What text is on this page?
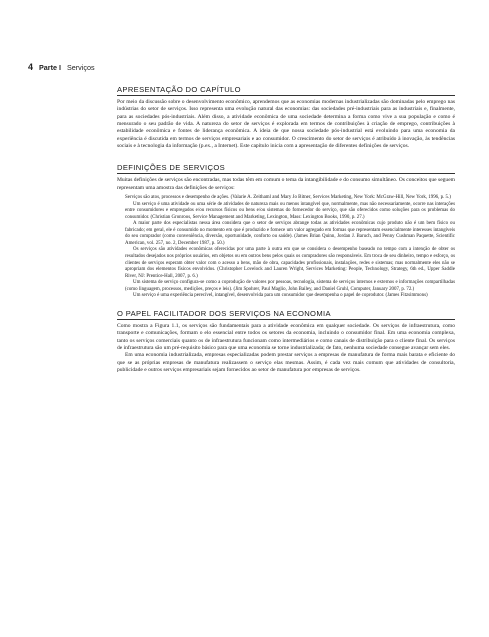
4 Parte I Serviços
APRESENTAÇÃO DO CAPÍTULO

Por meio da discussão sobre o desenvolvimento econômico, aprendemos que as economias modernas industrializadas são dominadas pelo emprego nas indústrias do setor de serviços. Isso representa uma evolução natural das economias: das sociedades pré-industriais para as industriais e, finalmente, para as sociedades pós-industriais. Além disso, a atividade econômica de uma sociedade determina a forma como vive a sua população e como é mensurado o seu padrão de vida. A natureza do setor de serviços é explorada em termos de contribuições à criação de emprego, contribuições à estabilidade econômica e fontes de liderança econômica. A ideia de que nossa sociedade pós-industrial está evoluindo para uma economia da experiência é discutida em termos de serviços empresariais e ao consumidor. O crescimento do setor de serviços é atribuído à inovação, às tendências sociais e à tecnologia da informação (p.ex., a Internet). Este capítulo inicia com a apresentação de diferentes definições de serviços.

DEFINIÇÕES DE SERVIÇOS

Muitas definições de serviços são encontradas, mas todas têm em comum o tema da intangibilidade e do consumo simultâneo. Os conceitos que seguem representam uma amostra das definições de serviços:

Serviços são atos, processos e desempenho de ações. (Valarie A. Zeithaml and Mary Jo Bitner, Services Marketing, New York: McGraw-Hill, New York, 1996, p. 5.)

Um serviço é uma atividade ou uma série de atividades de natureza mais ou menos intangível que, normalmente, mas não necessariamente, ocorre nas interações entre consumidores e empregados e/ou recursos físicos ou bens e/ou sistemas do fornecedor do serviço, que são oferecidos como soluções para os problemas do consumidor. (Christian Gronroos, Service Management and Marketing, Lexington, Mass: Lexington Books, 1990, p. 27.)

A maior parte dos especialistas nessa área considera que o setor de serviços abrange todas as atividades econômicas cujo produto não é um bem físico ou fabricado; em geral, ele é consumido no momento em que é produzido e fornece um valor agregado em formas que representam essencialmente interesses intangíveis do seu comprador (como conveniência, diversão, oportunidade, conforto ou saúde). (James Brian Quinn, Jordan J. Baruch, and Penny Cushman Paquette, Scientific American, vol. 257, no. 2, December 1987, p. 50.)

Os serviços são atividades econômicas oferecidas por uma parte à outra em que se considera o desempenho baseado no tempo com a intenção de obter os resultados desejados nos próprios usuários, em objetos ou em outros bens pelos quais os compradores são responsáveis. Em troca de seu dinheiro, tempo e esforço, os clientes de serviços esperam obter valor com o acesso a bens, mão de obra, capacidades profissionais, instalações, redes e sistemas; mas normalmente eles não se apropriam dos elementos físicos envolvidos. (Christopher Lovelock and Lauren Wright, Services Marketing: People, Technology, Strategy, 6th ed., Upper Saddle River, NJ: Prentice-Hall, 2007, p. 6.)

Um sistema de serviço configura-se como a coprodução de valores por pessoas, tecnologia, sistema de serviços internos e externos e informações compartilhadas (como linguagem, processos, medições, preços e leis). (Jim Spohrer, Paul Maglio, John Bailey, and Daniel Gruhl, Computer, January 2007, p. 72.)

Um serviço é uma experiência perecível, intangível, desenvolvida para um consumidor que desempenha o papel de coprodutor. (James Fitzsimmons)

O PAPEL FACILITADOR DOS SERVIÇOS NA ECONOMIA

Como mostra a Figura 1.1, os serviços são fundamentais para a atividade econômica em qualquer sociedade. Os serviços de infraestrutura, como transporte e comunicações, formam o elo essencial entre todos os setores da economia, incluindo o consumidor final. Em uma economia complexa, tanto os serviços comerciais quanto os de infraestrutura funcionam como intermediários e como canais de distribuição para o cliente final. Os serviços de infraestrutura são um pré-requisito básico para que uma economia se torne industrializada; de fato, nenhuma sociedade consegue avançar sem eles.

Em uma economia industrializada, empresas especializadas podem prestar serviços a empresas de manufatura de forma mais barata e eficiente do que se as próprias empresas de manufatura realizassem o serviço elas mesmas. Assim, é cada vez mais comum que atividades de consultoria, publicidade e outros serviços empresariais sejam fornecidos ao setor de manufatura por empresas de serviços.
